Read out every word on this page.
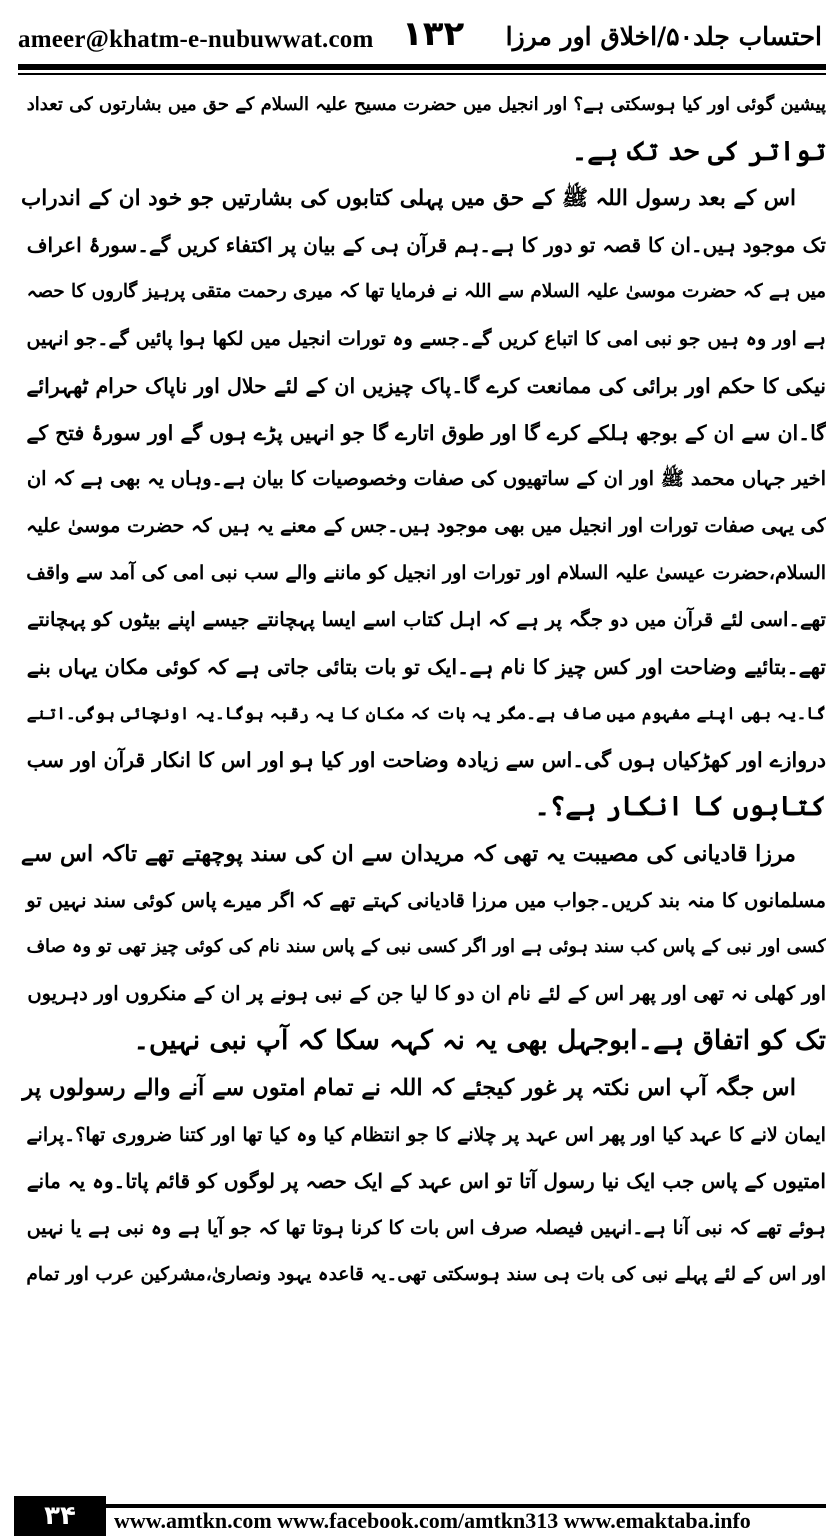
ameer@khatm-e-nubuwwat.com ۱۳۲ احتساب جلد۵۰/اخلاق اور مرزا
پیشین گوئی اور کیا ہوسکتی ہے؟ اور انجیل میں حضرت مسیح علیہ السلام کے حق میں بشارتوں کی تعداد
تواتر کی حد تک ہے۔
اس کے بعد رسول اللہ ﷺ کے حق میں پہلی کتابوں کی بشارتیں جو خود ان کے اندراب
تک موجود ہیں۔ان کا قصہ تو دور کا ہے۔ہم قرآن ہی کے بیان پر اکتفاء کریں گے۔سورۂ اعراف
میں ہے کہ حضرت موسیٰ علیہ السلام سے اللہ نے فرمایا تھا کہ میری رحمت متقی پرہیز گاروں کا حصہ
ہے اور وہ ہیں جو نبی امی کا اتباع کریں گے۔جسے وہ تورات انجیل میں لکھا ہوا پائیں گے۔جو انہیں
نیکی کا حکم اور برائی کی ممانعت کرے گا۔پاک چیزیں ان کے لئے حلال اور ناپاک حرام ٹھہرائے
گا۔ان سے ان کے بوجھ ہلکے کرے گا اور طوق اتارے گا جو انہیں پڑے ہوں گے اور سورۂ فتح کے
اخیر جہاں محمد ﷺ اور ان کے ساتھیوں کی صفات وخصوصیات کا بیان ہے۔وہاں یہ بھی ہے کہ ان
کی یہی صفات تورات اور انجیل میں بھی موجود ہیں۔جس کے معنے یہ ہیں کہ حضرت موسیٰ علیہ
السلام،حضرت عیسیٰ علیہ السلام اور تورات اور انجیل کو ماننے والے سب نبی امی کی آمد سے واقف
تھے۔اسی لئے قرآن میں دو جگہ پر ہے کہ اہل کتاب اسے ایسا پہچانتے جیسے اپنے بیٹوں کو پہچانتے
تھے۔بتائیے وضاحت اور کس چیز کا نام ہے۔ایک تو بات بتائی جاتی ہے کہ کوئی مکان یہاں بنے
گا۔یہ بھی اپنے مفہوم میں صاف ہے۔مگر یہ بات کہ مکان کا یہ رقبہ ہوگا۔یہ اونچائی ہوگی۔اتنے
دروازے اور کھڑکیاں ہوں گی۔اس سے زیادہ وضاحت اور کیا ہو اور اس کا انکار قرآن اور سب
کتابوں کا انکار ہے؟۔
مرزا قادیانی کی مصیبت یہ تھی کہ مریدان سے ان کی سند پوچھتے تھے تاکہ اس سے
مسلمانوں کا منہ بند کریں۔جواب میں مرزا قادیانی کہتے تھے کہ اگر میرے پاس کوئی سند نہیں تو
کسی اور نبی کے پاس کب سند ہوئی ہے اور اگر کسی نبی کے پاس سند نام کی کوئی چیز تھی تو وہ صاف
اور کھلی نہ تھی اور پھر اس کے لئے نام ان دو کا لیا جن کے نبی ہونے پر ان کے منکروں اور دہریوں
تک کو اتفاق ہے۔ابوجہل بھی یہ نہ کہہ سکا کہ آپ نبی نہیں۔
اس جگہ آپ اس نکتہ پر غور کیجئے کہ اللہ نے تمام امتوں سے آنے والے رسولوں پر
ایمان لانے کا عہد کیا اور پھر اس عہد پر چلانے کا جو انتظام کیا وہ کیا تھا اور کتنا ضروری تھا؟۔پرانے
امتیوں کے پاس جب ایک نیا رسول آتا تو اس عہد کے ایک حصہ پر لوگوں کو قائم پاتا۔وہ یہ مانے
ہوئے تھے کہ نبی آنا ہے۔انہیں فیصلہ صرف اس بات کا کرنا ہوتا تھا کہ جو آیا ہے وہ نبی ہے یا نہیں
اور اس کے لئے پہلے نبی کی بات ہی سند ہوسکتی تھی۔یہ قاعدہ یہود ونصاریٰ،مشرکین عرب اور تمام
۳۴	www.amtkn.com www.facebook.com/amtkn313 www.emaktaba.info
